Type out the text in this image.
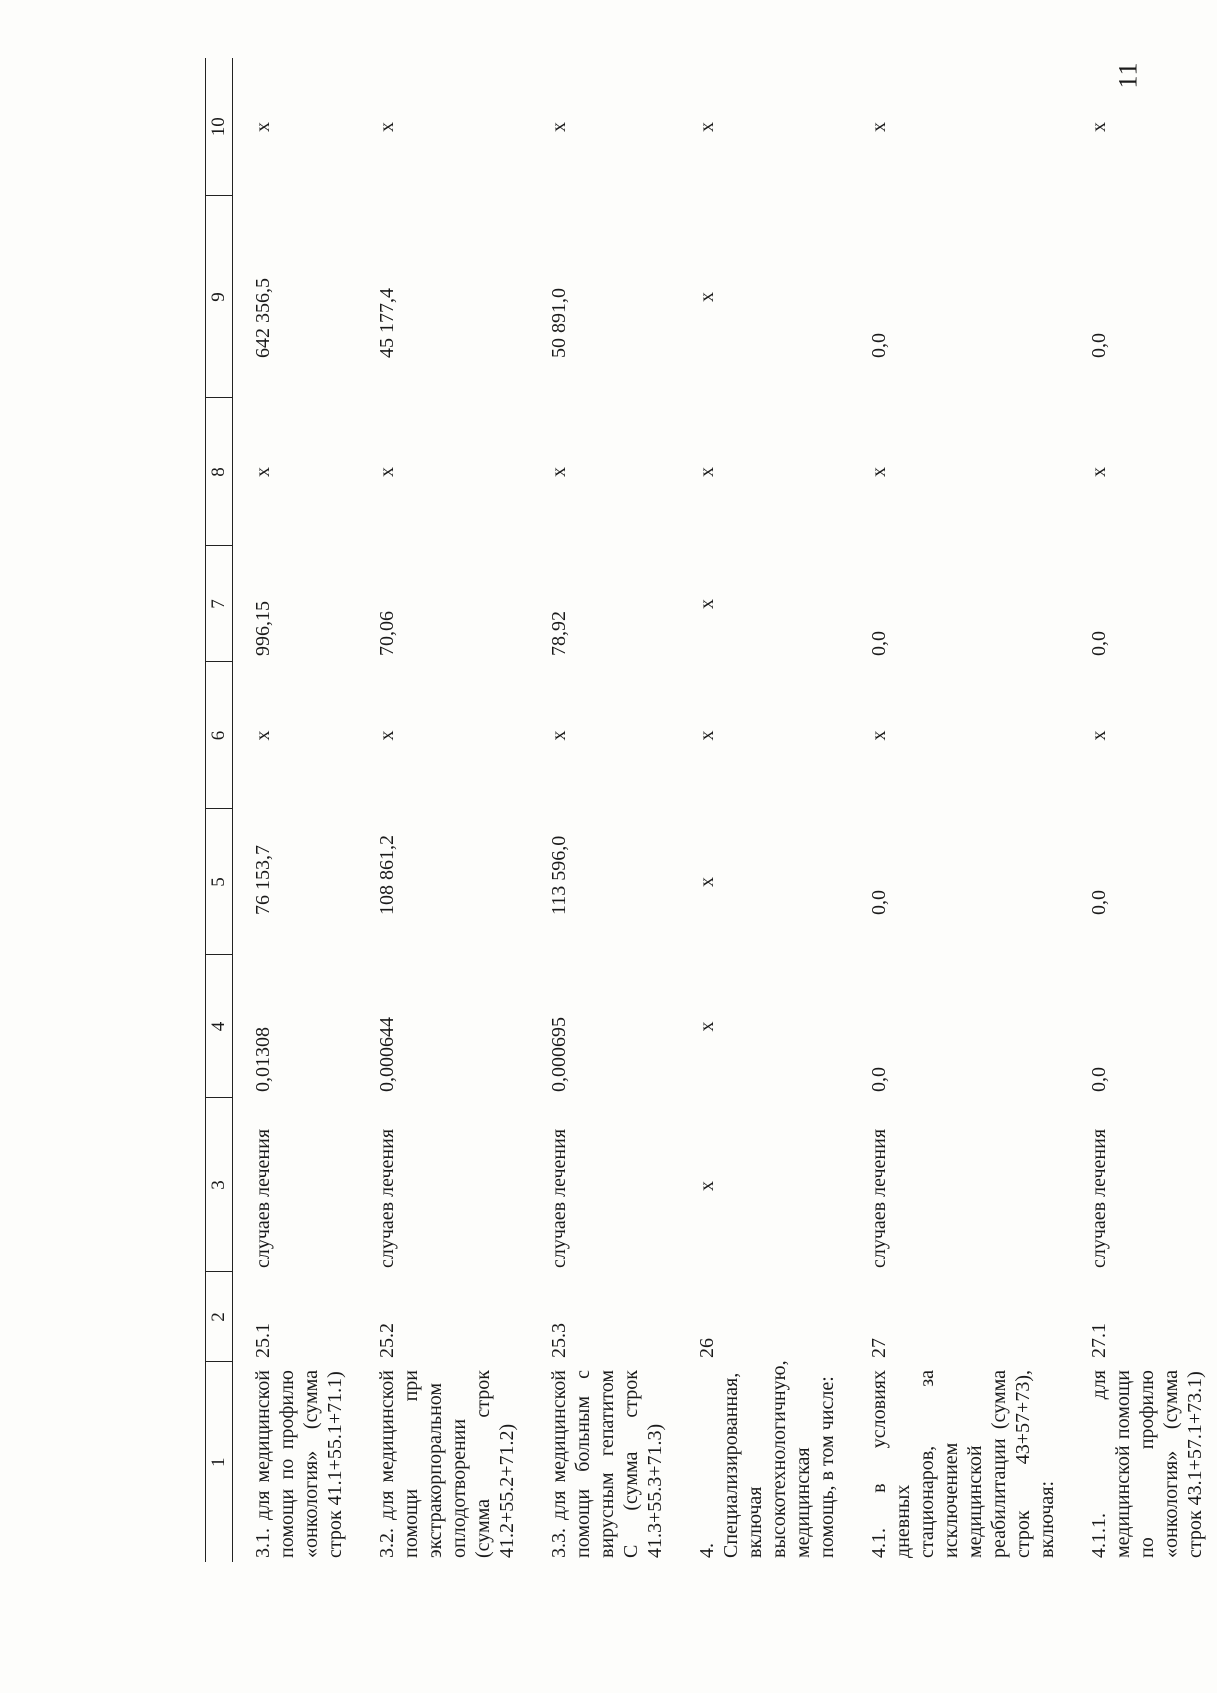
11
1	2	3	4	5	6	7	8	9	10
3.1. для медицинской помощи по профилю «онкология» (сумма строк 41.1+55.1+71.1)	25.1	случаев лечения	0,01308	76 153,7	х	996,15	х	642 356,5	х
3.2. для медицинской помощи при экстракорпоральном оплодотворении (сумма строк 41.2+55.2+71.2)	25.2	случаев лечения	0,000644	108 861,2	х	70,06	х	45 177,4	х
3.3. для медицинской помощи больным с вирусным гепатитом С (сумма строк 41.3+55.3+71.3)	25.3	случаев лечения	0,000695	113 596,0	х	78,92	х	50 891,0	х
4. Специализированная, включая высокотехнологичную, медицинская помощь, в том числе:	26	х	х	х	х	х	х	х	х
4.1. в условиях дневных стационаров, за исключением медицинской реабилитации (сумма строк 43+57+73), включая:	27	случаев лечения	0,0	0,0	х	0,0	х	0,0	х
4.1.1. для медицинской помощи по профилю «онкология» (сумма строк 43.1+57.1+73.1)	27.1	случаев лечения	0,0	0,0	х	0,0	х	0,0	х
